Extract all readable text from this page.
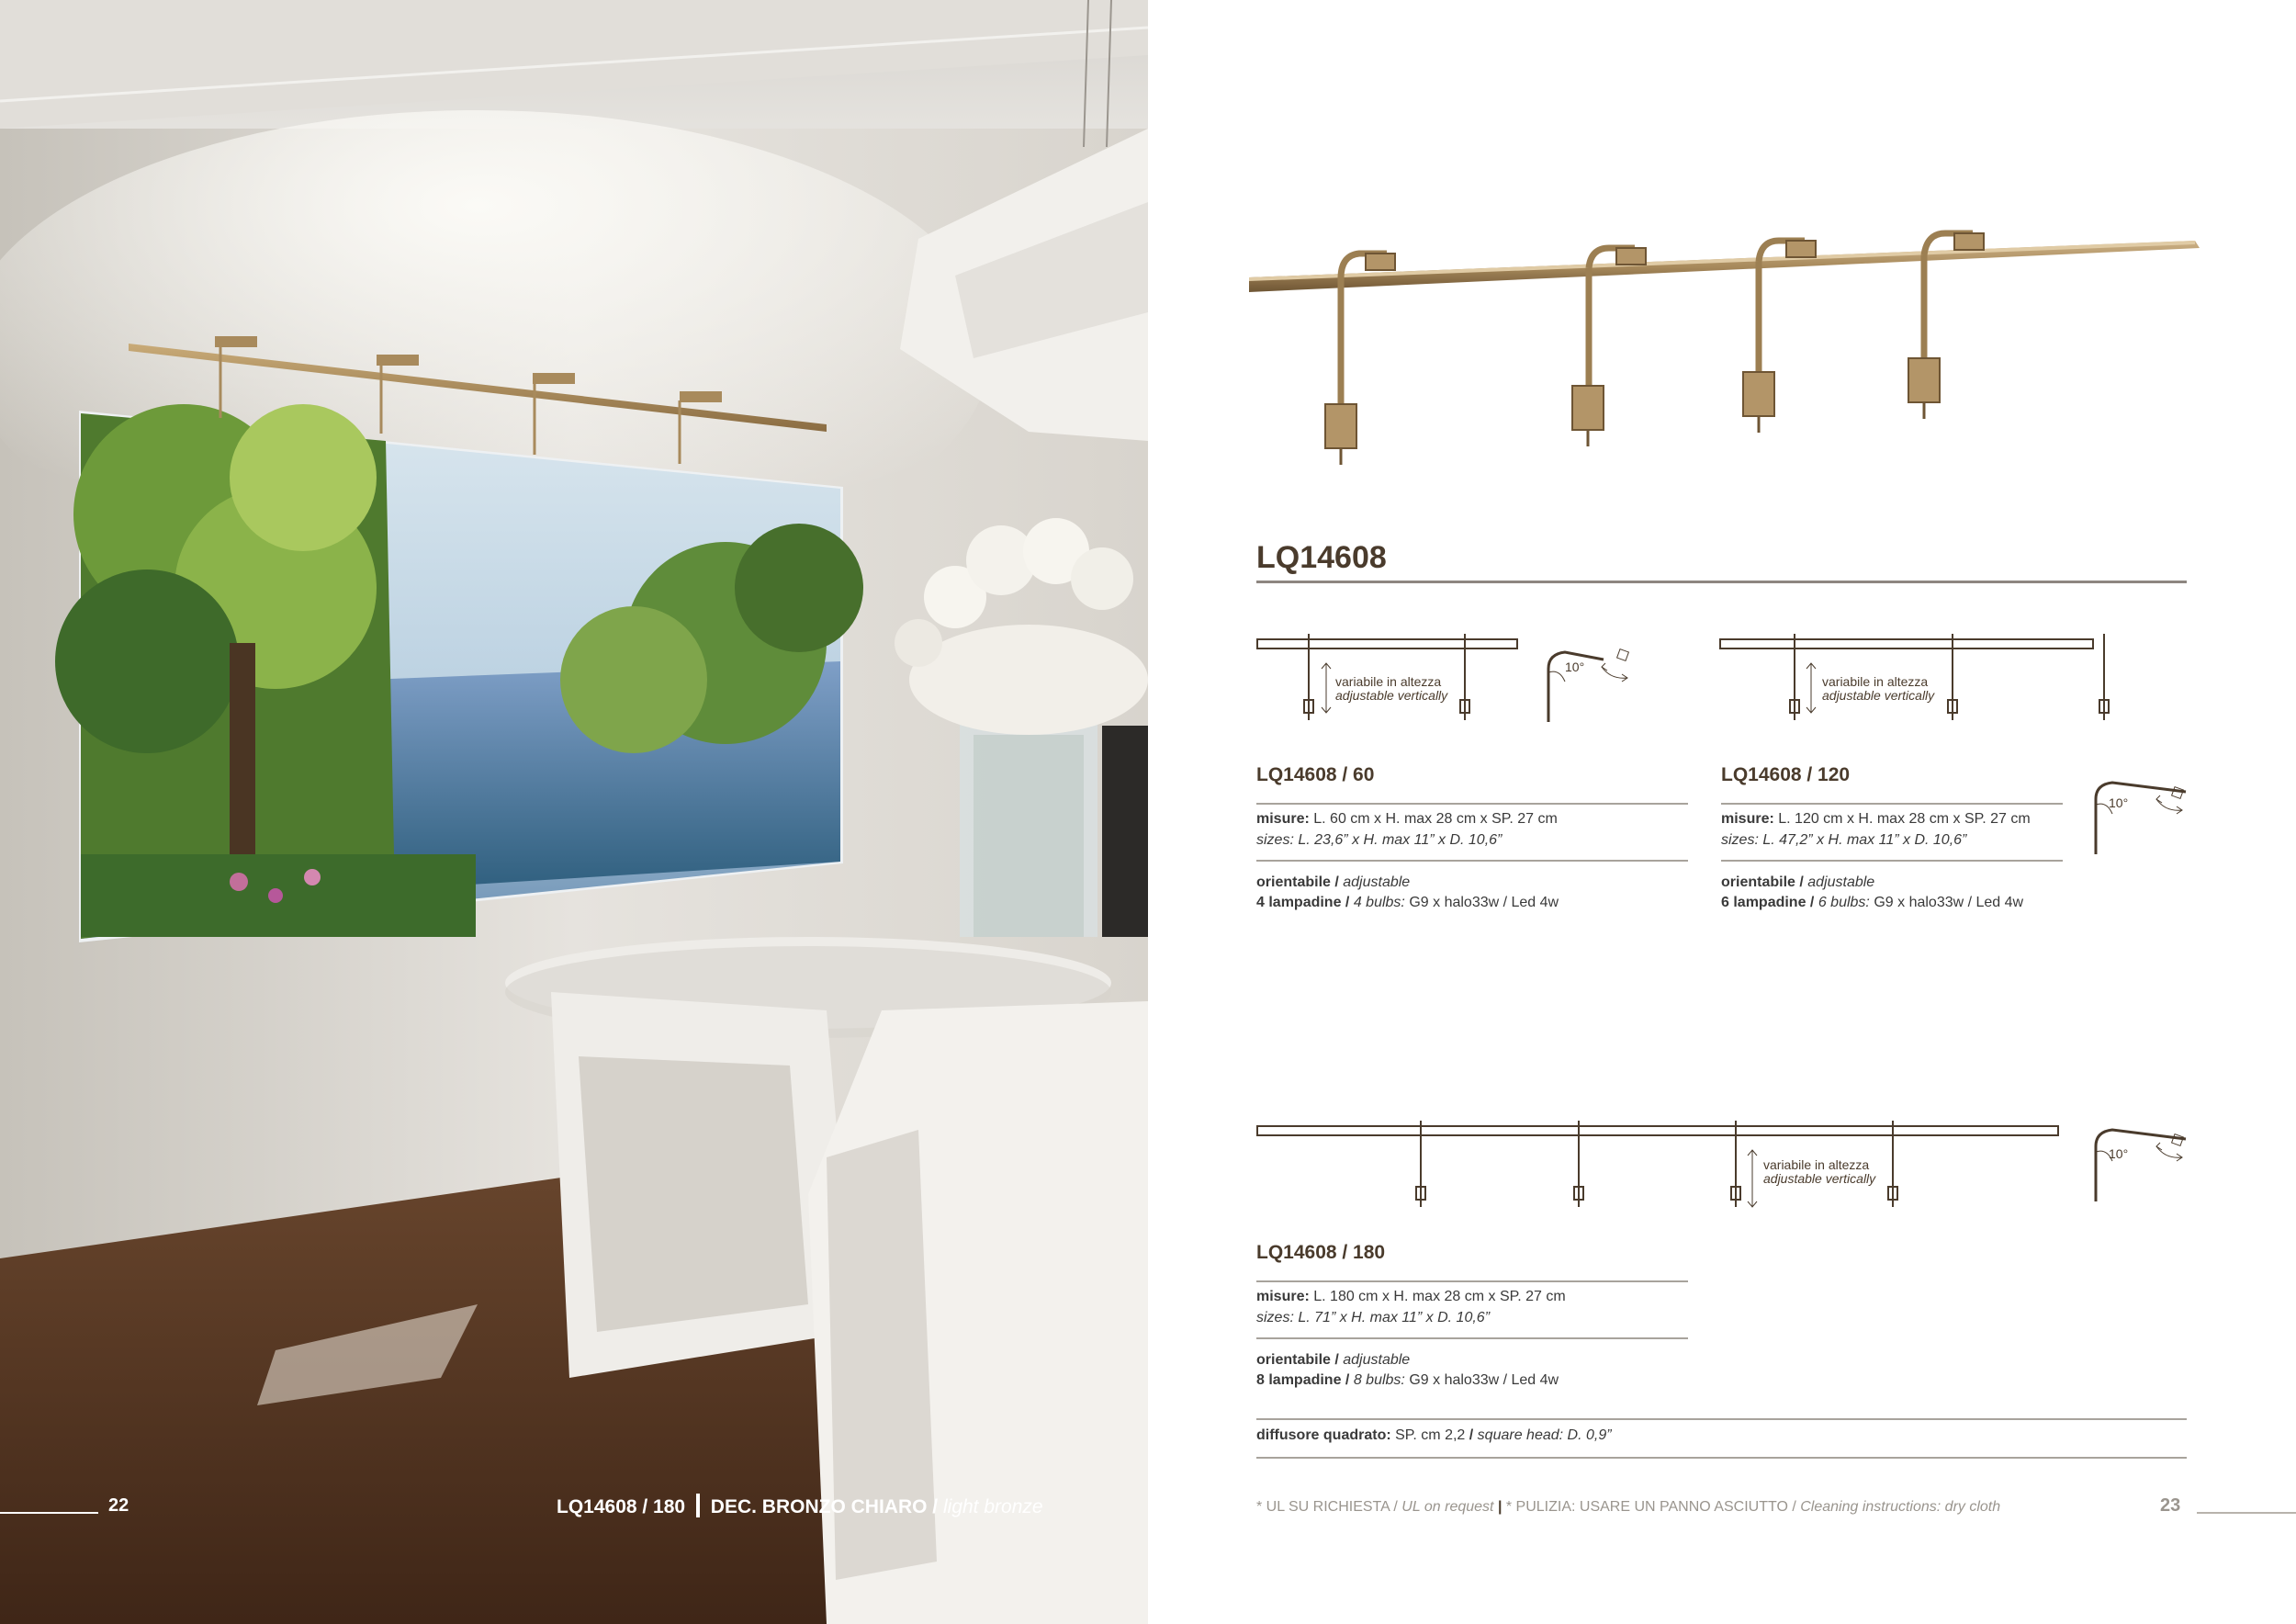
22	LQ14608 / 180 DEC. BRONZO CHIARO / light bronze
LQ14608
variabile in altezza
adjustable vertically
10°
variabile in altezza
adjustable vertically
10°
LQ14608 / 60
misure: L. 60 cm x H. max 28 cm x SP. 27 cm
sizes: L. 23,6” x H. max 11” x D. 10,6”
orientabile / adjustable
4 lampadine / 4 bulbs: G9 x halo33w / Led 4w
LQ14608 / 120
misure: L. 120 cm x H. max 28 cm x SP. 27 cm
sizes: L. 47,2” x H. max 11” x D. 10,6”
orientabile / adjustable
6 lampadine / 6 bulbs: G9 x halo33w / Led 4w
variabile in altezza
adjustable vertically
10°
LQ14608 / 180
misure: L. 180 cm x H. max 28 cm x SP. 27 cm
sizes: L. 71” x H. max 11” x D. 10,6”
orientabile / adjustable
8 lampadine / 8 bulbs: G9 x halo33w / Led 4w
diffusore quadrato: SP. cm 2,2 / square head: D. 0,9”
* UL SU RICHIESTA / UL on request | * PULIZIA: USARE UN PANNO ASCIUTTO / Cleaning instructions: dry cloth	23
